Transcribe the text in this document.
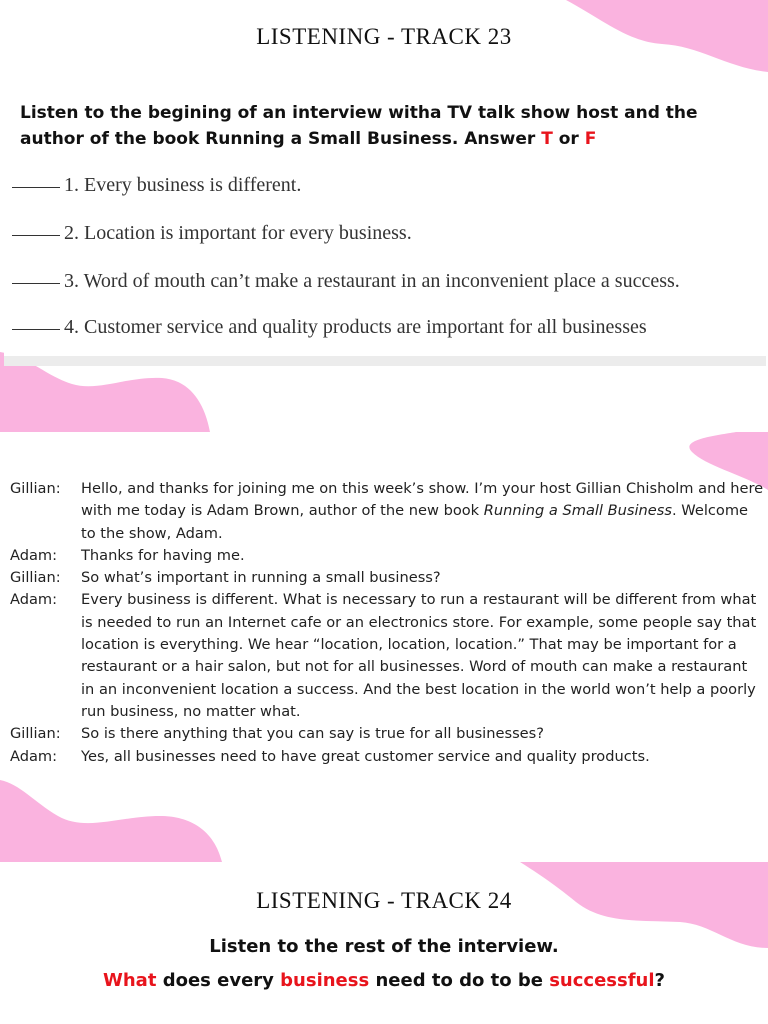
LISTENING - TRACK 23

Listen to the begining of an interview witha TV talk show host and the author of the book Running a Small Business. Answer T or F

1. Every business is different.
2. Location is important for every business.
3. Word of mouth can’t make a restaurant in an inconvenient place a success.
4. Customer service and quality products are important for all businesses
Gillian:	Hello, and thanks for joining me on this week’s show. I’m your host Gillian Chisholm and here with me today is Adam Brown, author of the new book Running a Small Business. Welcome to the show, Adam.
Adam:	Thanks for having me.
Gillian:	So what’s important in running a small business?
Adam:	Every business is different. What is necessary to run a restaurant will be different from what is needed to run an Internet cafe or an electronics store. For example, some people say that location is everything. We hear “location, location, location.” That may be important for a restaurant or a hair salon, but not for all businesses. Word of mouth can make a restaurant in an inconvenient location a success. And the best location in the world won’t help a poorly run business, no matter what.
Gillian:	So is there anything that you can say is true for all businesses?
Adam:	Yes, all businesses need to have great customer service and quality products.
LISTENING - TRACK 24

Listen to the rest of the interview.

What does every business need to do to be successful?
